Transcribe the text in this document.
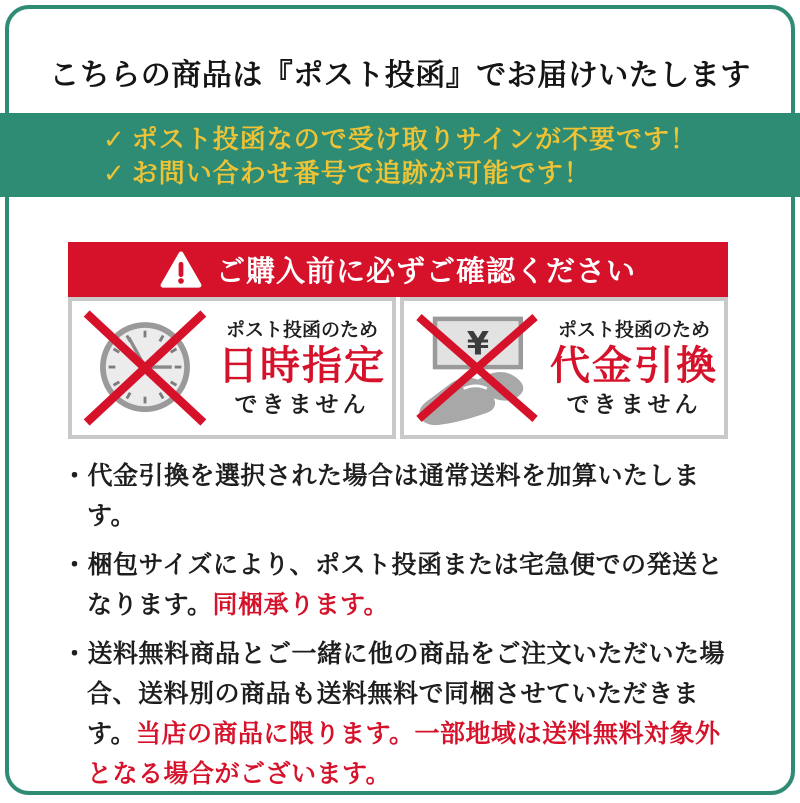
こちらの商品は『ポスト投函』でお届けいたします
✓ ポスト投函なので受け取りサインが不要です！
✓ お問い合わせ番号で追跡が可能です！
ご購入前に必ずご確認ください
ポスト投函のため
日時指定
できません
¥	ポスト投函のため
代金引換
できません

・代金引換を選択された場合は通常送料を加算いたします。

・梱包サイズにより、ポスト投函または宅急便での発送となります。同梱承ります。

・送料無料商品とご一緒に他の商品をご注文いただいた場合、送料別の商品も送料無料で同梱させていただきます。当店の商品に限ります。一部地域は送料無料対象外となる場合がございます。
